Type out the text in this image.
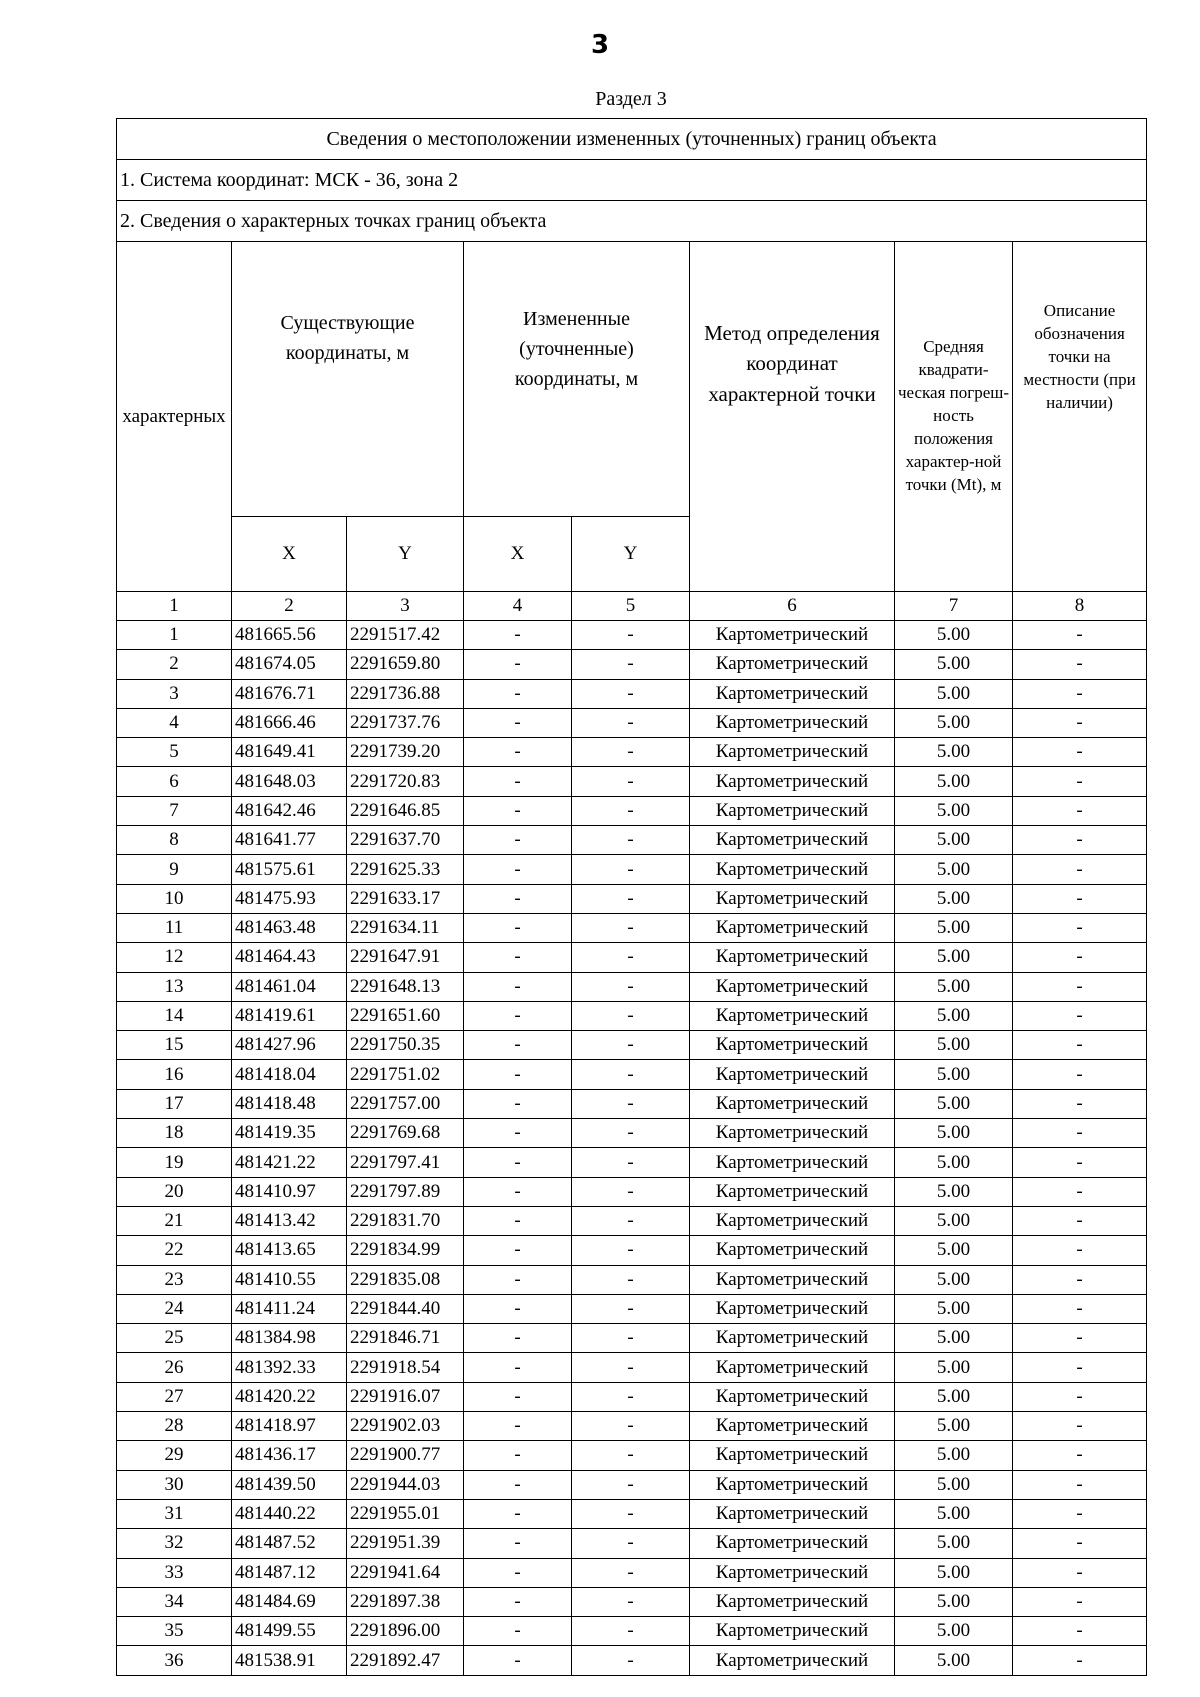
3
Раздел 3
Сведения о местоположении измененных (уточненных) границ объекта							
1. Система координат: МСК - 36, зона 2							
2. Сведения о характерных точках границ объекта							
характерных	Существующие координаты, м		Измененные (уточненные) координаты, м		Метод определения координат характерной точки	Средняя квадрати-ческая погреш-ность положения характер-ной точки (Mt), м	Описание обозначения точки на местности (при наличии)
	X	Y	X	Y			
1	2	3	4	5	6	7	8
1	481665.56	2291517.42	-	-	Картометрический	5.00	-
2	481674.05	2291659.80	-	-	Картометрический	5.00	-
3	481676.71	2291736.88	-	-	Картометрический	5.00	-
4	481666.46	2291737.76	-	-	Картометрический	5.00	-
5	481649.41	2291739.20	-	-	Картометрический	5.00	-
6	481648.03	2291720.83	-	-	Картометрический	5.00	-
7	481642.46	2291646.85	-	-	Картометрический	5.00	-
8	481641.77	2291637.70	-	-	Картометрический	5.00	-
9	481575.61	2291625.33	-	-	Картометрический	5.00	-
10	481475.93	2291633.17	-	-	Картометрический	5.00	-
11	481463.48	2291634.11	-	-	Картометрический	5.00	-
12	481464.43	2291647.91	-	-	Картометрический	5.00	-
13	481461.04	2291648.13	-	-	Картометрический	5.00	-
14	481419.61	2291651.60	-	-	Картометрический	5.00	-
15	481427.96	2291750.35	-	-	Картометрический	5.00	-
16	481418.04	2291751.02	-	-	Картометрический	5.00	-
17	481418.48	2291757.00	-	-	Картометрический	5.00	-
18	481419.35	2291769.68	-	-	Картометрический	5.00	-
19	481421.22	2291797.41	-	-	Картометрический	5.00	-
20	481410.97	2291797.89	-	-	Картометрический	5.00	-
21	481413.42	2291831.70	-	-	Картометрический	5.00	-
22	481413.65	2291834.99	-	-	Картометрический	5.00	-
23	481410.55	2291835.08	-	-	Картометрический	5.00	-
24	481411.24	2291844.40	-	-	Картометрический	5.00	-
25	481384.98	2291846.71	-	-	Картометрический	5.00	-
26	481392.33	2291918.54	-	-	Картометрический	5.00	-
27	481420.22	2291916.07	-	-	Картометрический	5.00	-
28	481418.97	2291902.03	-	-	Картометрический	5.00	-
29	481436.17	2291900.77	-	-	Картометрический	5.00	-
30	481439.50	2291944.03	-	-	Картометрический	5.00	-
31	481440.22	2291955.01	-	-	Картометрический	5.00	-
32	481487.52	2291951.39	-	-	Картометрический	5.00	-
33	481487.12	2291941.64	-	-	Картометрический	5.00	-
34	481484.69	2291897.38	-	-	Картометрический	5.00	-
35	481499.55	2291896.00	-	-	Картометрический	5.00	-
36	481538.91	2291892.47	-	-	Картометрический	5.00	-
